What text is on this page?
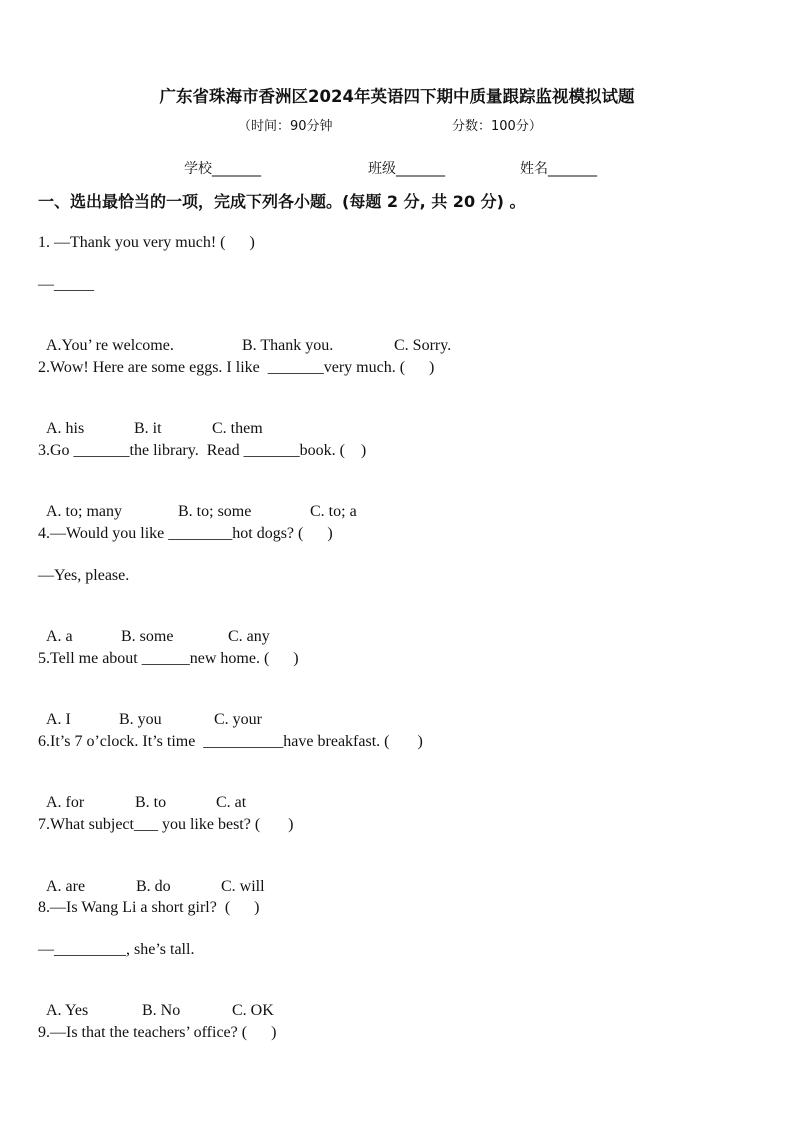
广东省珠海市香洲区2024年英语四下期中质量跟踪监视模拟试题
（时间：90分钟	分数：100分）
学校_______	班级_______	姓名_______
一、选出最恰当的一项，完成下列各小题。(每题 2 分, 共 20 分) 。
1. —Thank you very much! (      )
—_____

A.You’ re welcome.	B. Thank you.	C. Sorry.

2.Wow! Here are some eggs. I like  _______very much. (      )

A. his	B. it	C. them

3.Go _______the library.  Read _______book. (    )

A. to; many	B. to; some	C. to; a

4.—Would you like ________hot dogs? (      )
—Yes, please.

A. a	B. some	C. any

5.Tell me about ______new home. (      )

A. I	B. you	C. your

6.It’s 7 o’clock. It’s time  __________have breakfast. (       )

A. for	B. to	C. at

7.What subject___ you like best? (       )

A. are	B. do	C. will

8.—Is Wang Li a short girl?  (      )
—_________, she’s tall.

A. Yes	B. No	C. OK

9.—Is that the teachers’ office? (      )
